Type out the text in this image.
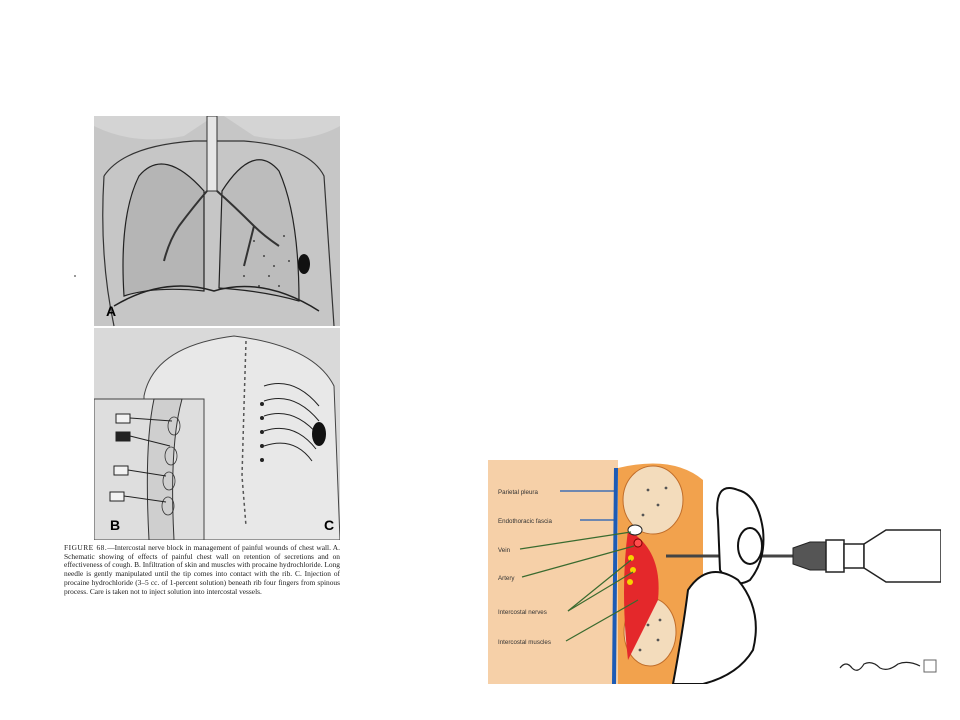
A
C
B
FIGURE 68.—Intercostal nerve block in management of painful wounds of chest wall. A. Schematic showing of effects of painful chest wall on retention of secretions and on effectiveness of cough. B. Infiltration of skin and muscles with procaine hydrochloride. Long needle is gently manipulated until the tip comes into contact with the rib. C. Injection of procaine hydrochloride (3–5 cc. of 1-percent solution) beneath rib four fingers from spinous process. Care is taken not to inject solution into intercostal vessels.
Parietal pleura
Endothoracic fascia
Vein
Artery
Intercostal nerves
Intercostal muscles
